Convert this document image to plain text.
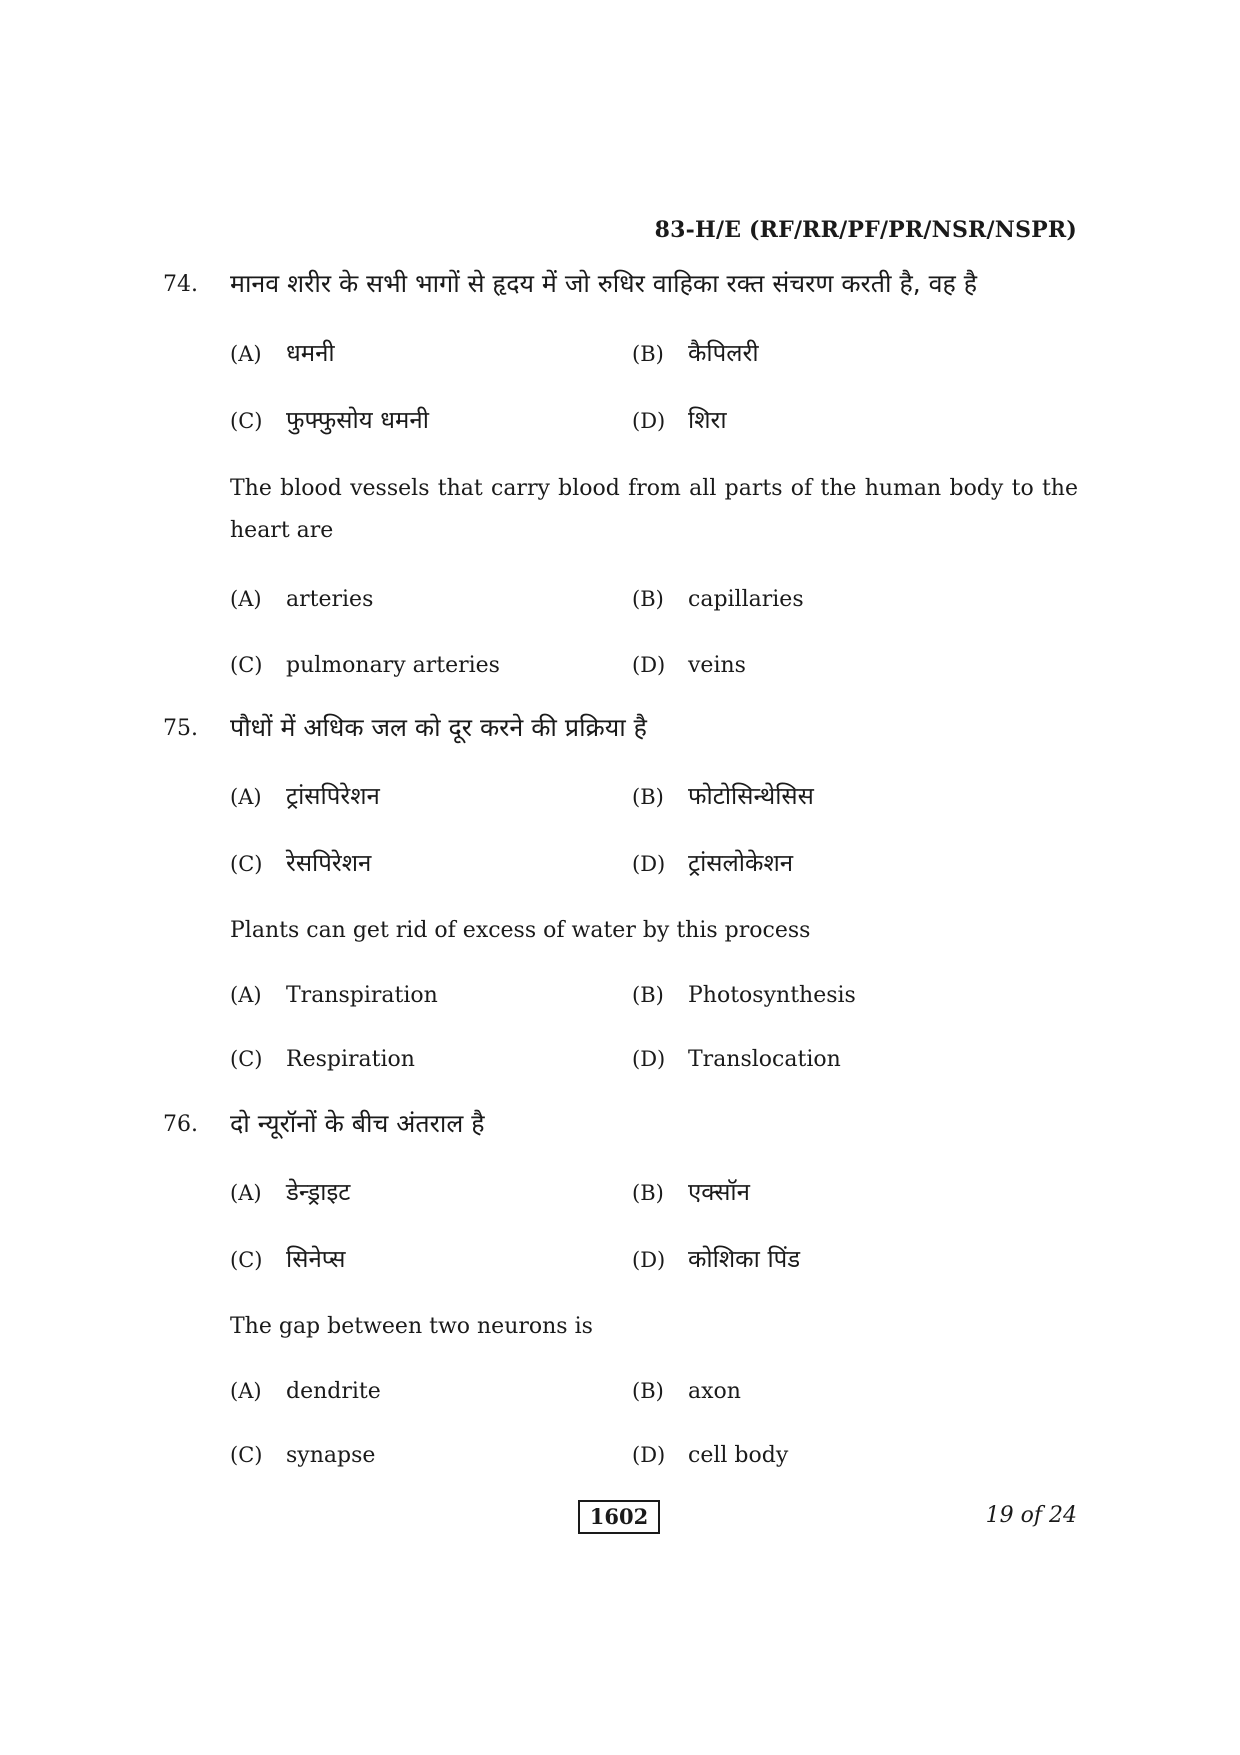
83-H/E (RF/RR/PF/PR/NSR/NSPR)
74. मानव शरीर के सभी भागों से हृदय में जो रुधिर वाहिका रक्त संचरण करती है, वह है
(A) धमनी	(B) कैपिलरी
(C) फुफ्फुसोय धमनी	(D) शिरा
The blood vessels that carry blood from all parts of the human body to the heart are
(A) arteries	(B) capillaries
(C) pulmonary arteries	(D) veins
75. पौधों में अधिक जल को दूर करने की प्रक्रिया है
(A) ट्रांसपिरेशन	(B) फोटोसिन्थेसिस
(C) रेसपिरेशन	(D) ट्रांसलोकेशन
Plants can get rid of excess of water by this process
(A) Transpiration	(B) Photosynthesis
(C) Respiration	(D) Translocation
76. दो न्यूरॉनों के बीच अंतराल है
(A) डेन्ड्राइट	(B) एक्सॉन
(C) सिनेप्स	(D) कोशिका पिंड
The gap between two neurons is
(A) dendrite	(B) axon
(C) synapse	(D) cell body
1602	19 of 24
